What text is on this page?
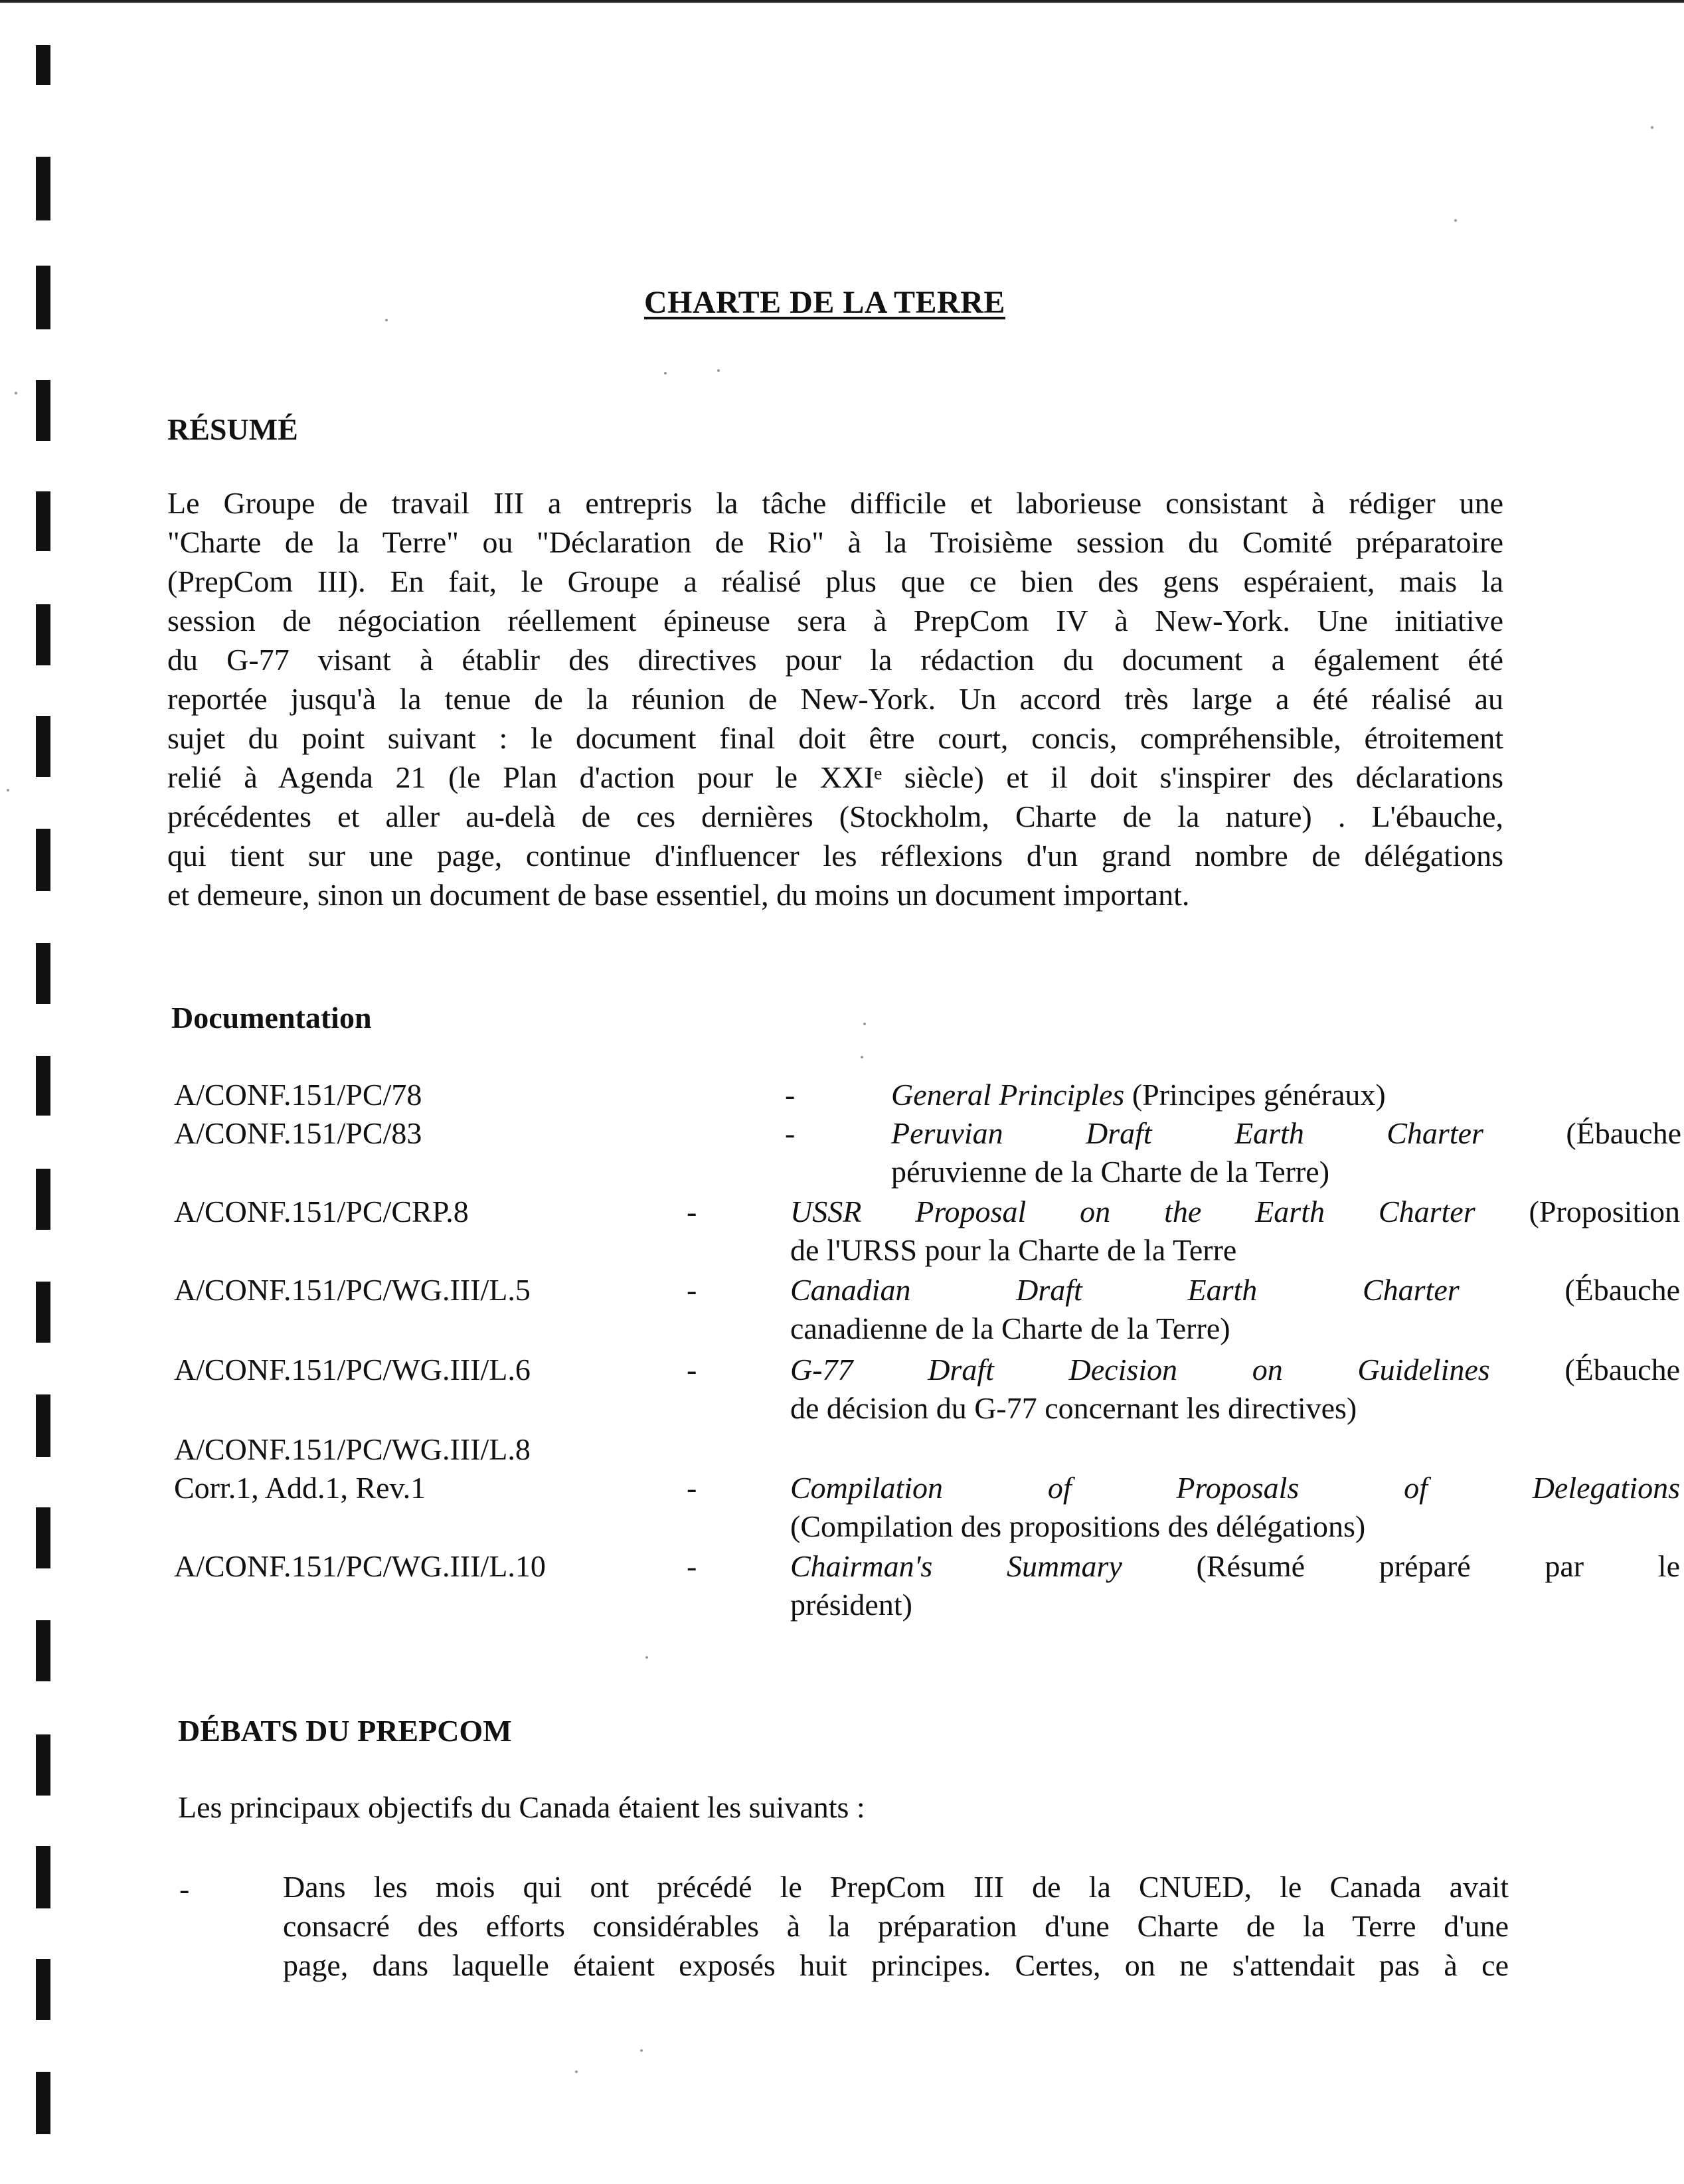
CHARTE DE LA TERRE
RÉSUMÉ
Le Groupe de travail III a entrepris la tâche difficile et laborieuse consistant à rédiger une
"Charte de la Terre" ou "Déclaration de Rio" à la Troisième session du Comité préparatoire
(PrepCom III). En fait, le Groupe a réalisé plus que ce bien des gens espéraient, mais la
session de négociation réellement épineuse sera à PrepCom IV à New-York. Une initiative
du G-77 visant à établir des directives pour la rédaction du document a également été
reportée jusqu'à la tenue de la réunion de New-York. Un accord très large a été réalisé au
sujet du point suivant : le document final doit être court, concis, compréhensible, étroitement
relié à Agenda 21 (le Plan d'action pour le XXIᵉ siècle) et il doit s'inspirer des déclarations
précédentes et aller au-delà de ces dernières (Stockholm, Charte de la nature) . L'ébauche,
qui tient sur une page, continue d'influencer les réflexions d'un grand nombre de délégations
et demeure, sinon un document de base essentiel, du moins un document important.
Documentation
A/CONF.151/PC/78	-	General Principles (Principes généraux)
A/CONF.151/PC/83	-	Peruvian Draft Earth Charter	(Ébauche
péruvienne de la Charte de la Terre)
A/CONF.151/PC/CRP.8	-	USSR Proposal on the Earth Charter (Proposition
de l'URSS pour la Charte de la Terre
A/CONF.151/PC/WG.III/L.5	-	Canadian Draft Earth Charter	(Ébauche
canadienne de la Charte de la Terre)
A/CONF.151/PC/WG.III/L.6	-	G-77 Draft Decision on Guidelines (Ébauche
de décision du G-77 concernant les directives)
A/CONF.151/PC/WG.III/L.8
Corr.1, Add.1, Rev.1	-	Compilation of Proposals of Delegations
(Compilation des propositions des délégations)
A/CONF.151/PC/WG.III/L.10	-	Chairman's Summary (Résumé préparé par le
président)
DÉBATS DU PREPCOM
Les principaux objectifs du Canada étaient les suivants :
-	Dans les mois qui ont précédé le PrepCom III de la CNUED, le Canada avait
consacré des efforts considérables à la préparation d'une Charte de la Terre d'une
page, dans laquelle étaient exposés huit principes. Certes, on ne s'attendait pas à ce
